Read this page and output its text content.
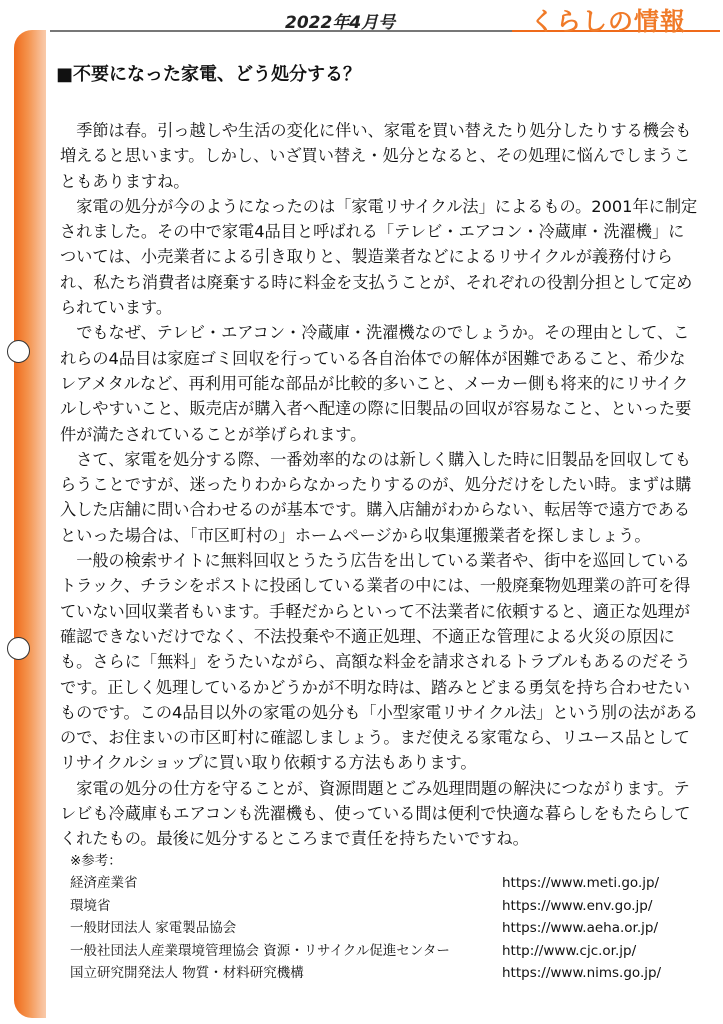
2022年4月号	くらしの情報
■不要になった家電、どう処分する？

季節は春。引っ越しや生活の変化に伴い、家電を買い替えたり処分したりする機会も増えると思います。しかし、いざ買い替え・処分となると、その処理に悩んでしまうこともありますね。

家電の処分が今のようになったのは「家電リサイクル法」によるもの。2001年に制定されました。その中で家電4品目と呼ばれる「テレビ・エアコン・冷蔵庫・洗濯機」については、小売業者による引き取りと、製造業者などによるリサイクルが義務付けられ、私たち消費者は廃棄する時に料金を支払うことが、それぞれの役割分担として定められています。

でもなぜ、テレビ・エアコン・冷蔵庫・洗濯機なのでしょうか。その理由として、これらの4品目は家庭ゴミ回収を行っている各自治体での解体が困難であること、希少なレアメタルなど、再利用可能な部品が比較的多いこと、メーカー側も将来的にリサイクルしやすいこと、販売店が購入者へ配達の際に旧製品の回収が容易なこと、といった要件が満たされていることが挙げられます。

さて、家電を処分する際、一番効率的なのは新しく購入した時に旧製品を回収してもらうことですが、迷ったりわからなかったりするのが、処分だけをしたい時。まずは購入した店舗に問い合わせるのが基本です。購入店舗がわからない、転居等で遠方であるといった場合は、「市区町村の」ホームページから収集運搬業者を探しましょう。

一般の検索サイトに無料回収とうたう広告を出している業者や、街中を巡回しているトラック、チラシをポストに投函している業者の中には、一般廃棄物処理業の許可を得ていない回収業者もいます。手軽だからといって不法業者に依頼すると、適正な処理が確認できないだけでなく、不法投棄や不適正処理、不適正な管理による火災の原因にも。さらに「無料」をうたいながら、高額な料金を請求されるトラブルもあるのだそうです。正しく処理しているかどうかが不明な時は、踏みとどまる勇気を持ち合わせたいものです。この4品目以外の家電の処分も「小型家電リサイクル法」という別の法があるので、お住まいの市区町村に確認しましょう。まだ使える家電なら、リユース品としてリサイクルショップに買い取り依頼する方法もあります。

家電の処分の仕方を守ることが、資源問題とごみ処理問題の解決につながります。テレビも冷蔵庫もエアコンも洗濯機も、使っている間は便利で快適な暮らしをもたらしてくれたもの。最後に処分するところまで責任を持ちたいですね。

※参考：
経済産業省	https://www.meti.go.jp/
環境省	https://www.env.go.jp/
一般財団法人 家電製品協会	https://www.aeha.or.jp/
一般社団法人産業環境管理協会 資源・リサイクル促進センター	http://www.cjc.or.jp/
国立研究開発法人 物質・材料研究機構	https://www.nims.go.jp/
